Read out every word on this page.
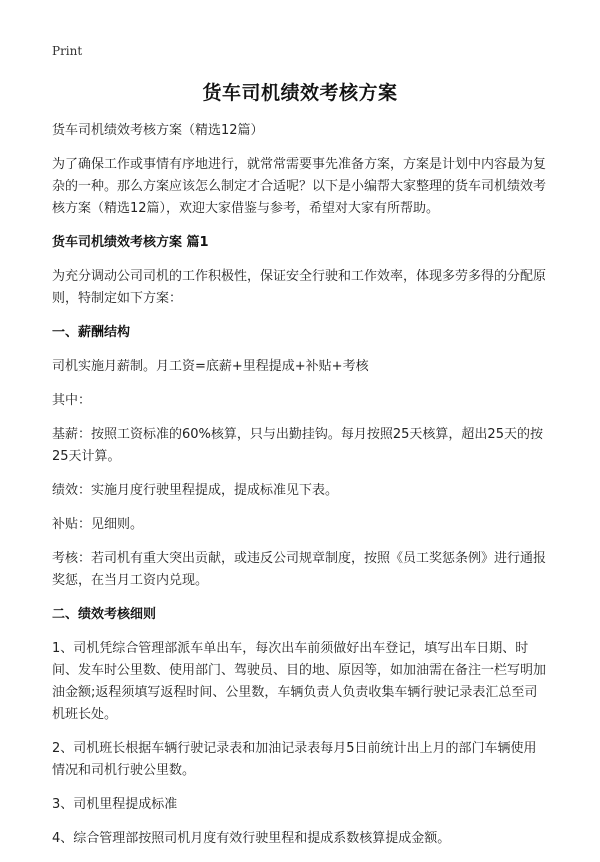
Print
货车司机绩效考核方案

货车司机绩效考核方案（精选12篇）

为了确保工作或事情有序地进行，就常常需要事先准备方案，方案是计划中内容最为复杂的一种。那么方案应该怎么制定才合适呢？以下是小编帮大家整理的货车司机绩效考核方案（精选12篇），欢迎大家借鉴与参考，希望对大家有所帮助。

货车司机绩效考核方案 篇1

为充分调动公司司机的工作积极性，保证安全行驶和工作效率，体现多劳多得的分配原则，特制定如下方案：

一、薪酬结构

司机实施月薪制。月工资=底薪+里程提成+补贴+考核

其中：

基薪：按照工资标准的60%核算，只与出勤挂钩。每月按照25天核算，超出25天的按25天计算。

绩效：实施月度行驶里程提成，提成标准见下表。

补贴：见细则。

考核：若司机有重大突出贡献，或违反公司规章制度，按照《员工奖惩条例》进行通报奖惩，在当月工资内兑现。

二、绩效考核细则

1、司机凭综合管理部派车单出车，每次出车前须做好出车登记，填写出车日期、时间、发车时公里数、使用部门、驾驶员、目的地、原因等，如加油需在备注一栏写明加油金额;返程须填写返程时间、公里数，车辆负责人负责收集车辆行驶记录表汇总至司机班长处。

2、司机班长根据车辆行驶记录表和加油记录表每月5日前统计出上月的部门车辆使用情况和司机行驶公里数。

3、司机里程提成标准

4、综合管理部按照司机月度有效行驶里程和提成系数核算提成金额。
